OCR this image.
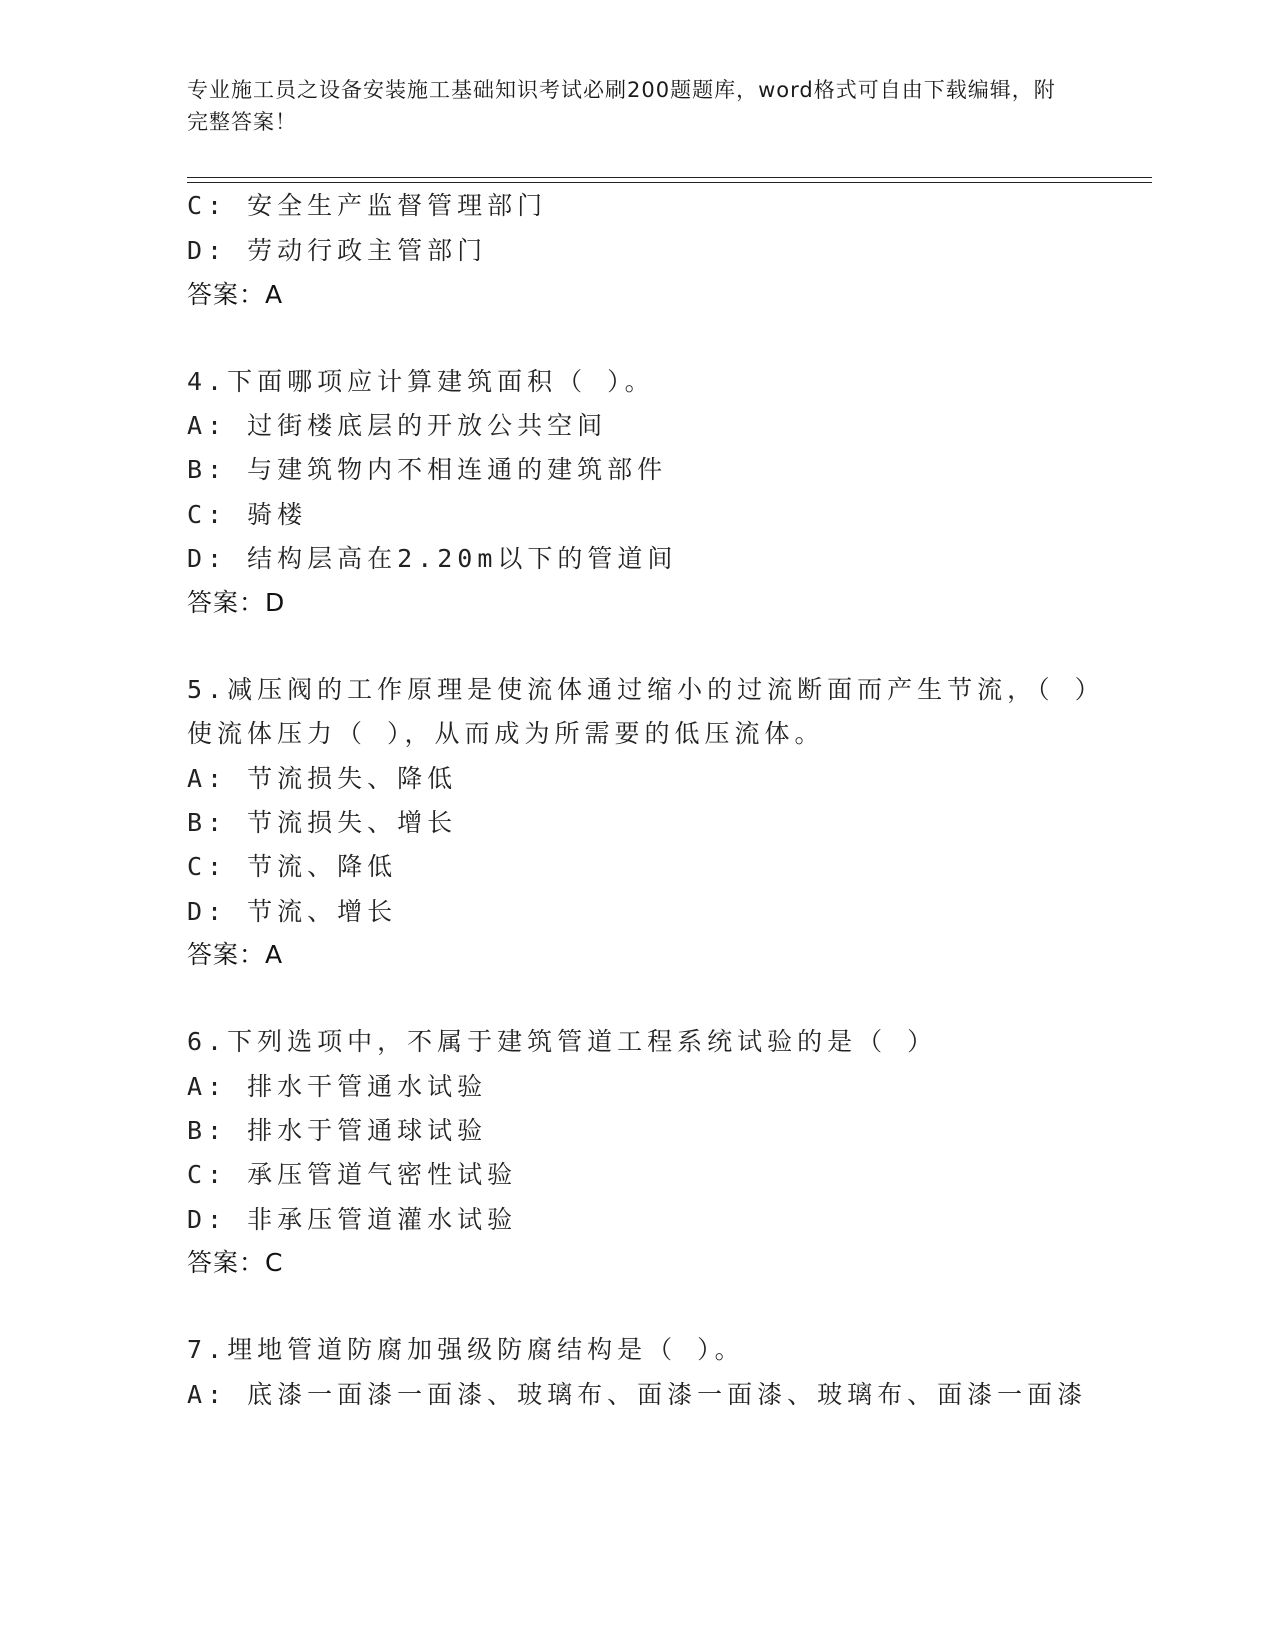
专业施工员之设备安装施工基础知识考试必刷200题题库，word格式可自由下载编辑，附完整答案！
C: 安全生产监督管理部门
D: 劳动行政主管部门
答案：A
4.下面哪项应计算建筑面积（ ）。
A: 过街楼底层的开放公共空间
B: 与建筑物内不相连通的建筑部件
C: 骑楼
D: 结构层高在2.20m以下的管道间
答案：D
5.减压阀的工作原理是使流体通过缩小的过流断面而产生节流，（ ）
使流体压力（ ），从而成为所需要的低压流体。
A: 节流损失、降低
B: 节流损失、增长
C: 节流、降低
D: 节流、增长
答案：A
6.下列选项中，不属于建筑管道工程系统试验的是（ ）
A: 排水干管通水试验
B: 排水于管通球试验
C: 承压管道气密性试验
D: 非承压管道灌水试验
答案：C
7.埋地管道防腐加强级防腐结构是（ ）。
A: 底漆一面漆一面漆、玻璃布、面漆一面漆、玻璃布、面漆一面漆
